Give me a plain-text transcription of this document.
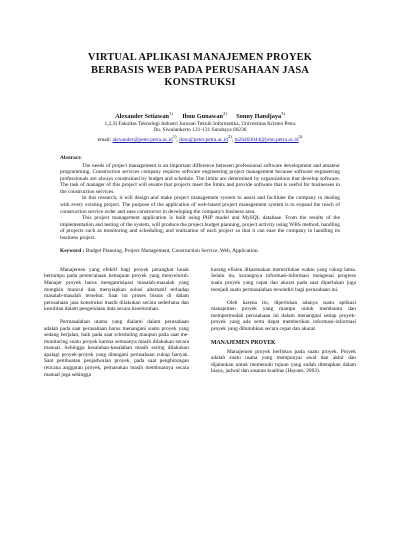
VIRTUAL APLIKASI MANAJEMEN PROYEK
BERBASIS WEB PADA PERUSAHAAN JASA
KONSTRUKSI
Alexander Setiawan$^{1)}$ Ibnu Gunawan$^{2)}$ Sonny Handjaya$^{3)}$
1,2,3) Fakultas Teknologi Industri Jurusan Teknik Informatika, Universitas Kristen Petra
Jln. Siwalankerto 121-131 Surabaya 60236
email: $alexander@peter.petra.ac.id^{1)}$, $ibnu@peter.petra.ac.id^{2)}$, $m26403044@john.petra.ac.id^{3)}$
Abstract:

The needs of project management is an important difference between professional software development and amateur programming. Construction services company requires software engineering project management because software engineering professionals are always constrained by budget and schedule. The limits are determined by organizations that develop software. The task of manager of this project will ensure that projects meet the limits and provide software that is useful for businesses in the construction services.

In this research, it will design and make project management system to assist and facilitate the company in dealing with every existing project. The purpose of the application of web-based project management system is to expand the reach of construction service order and ease constructor in developing the company's business area.

This project management application is built using PHP model and MySQL database. From the results of the implementation and testing of the system, will produce the project budget planning, project activity using WBS method, handling of projects such as monitoring and scheduling, and realization of each project so that it can ease the company in handling its business project.

Keyword : Budget Planning, Project Management, Construction Service, Web, Application.

Manajemen yang efektif bagi proyek perangkat lunak bertumpu pada perencanaan kemajuan proyek yang menyeluruh. Manajer proyek harus mengantisipasi masalah-masalah yang mungkin muncul dan menyiapkan solusi alternatif terhadap masalah-masalah tersebut. Saat ini proses bisnis di dalam perusahaan jasa konstruksi masih dilakukan secara sederhana dan kesulitan dalam pengelolaan data secara keseluruhan.

Permasalahan utama yang dialami dalam perusahaan adalah pada saat perusahaan harus menangani suatu proyek yang sedang berjalan, baik pada saat scheduling maupun pada saat me-monitoring suatu proyek karena semuanya masih dilakukan secara manual. Sehingga kesalahan-kesalahan masih sering dilakukan apalagi proyek-proyek yang ditangani perusahaan cukup banyak. Saat pembuatan penjadwalan proyek, pada saat penghitungan rencana anggaran proyek, pemasukan masih membuatnya secara manual juga sehingga

kurang efisien dikarenakan memerlukan waktu yang cukup lama. Selain itu, kurangnya informasi-informasi mengenai progress suatu proyek yang cepat dan akurat pada saat diperlukan juga menjadi suatu permasalahan tersendiri bagi perusahaan ini.

Oleh karena itu, diperlukan adanya suatu aplikasi manajemen proyek yang mampu untuk membantu dan mempermudah perusahaan ini dalam menangani setiap proyek-proyek yang ada serta dapat memberikan informasi-informasi proyek yang dibutuhkan secara cepat dan akurat.

MANAJEMEN PROYEK

Manajemen proyek berfokus pada suatu proyek. Proyek adalah suatu usaha yang mempunyai awal dan akhir dan dijalankan untuk memenuhi tujuan yang sudah ditetapkan dalam biaya, jadwal dan sasaran kualitas (Haynes, 2003).
